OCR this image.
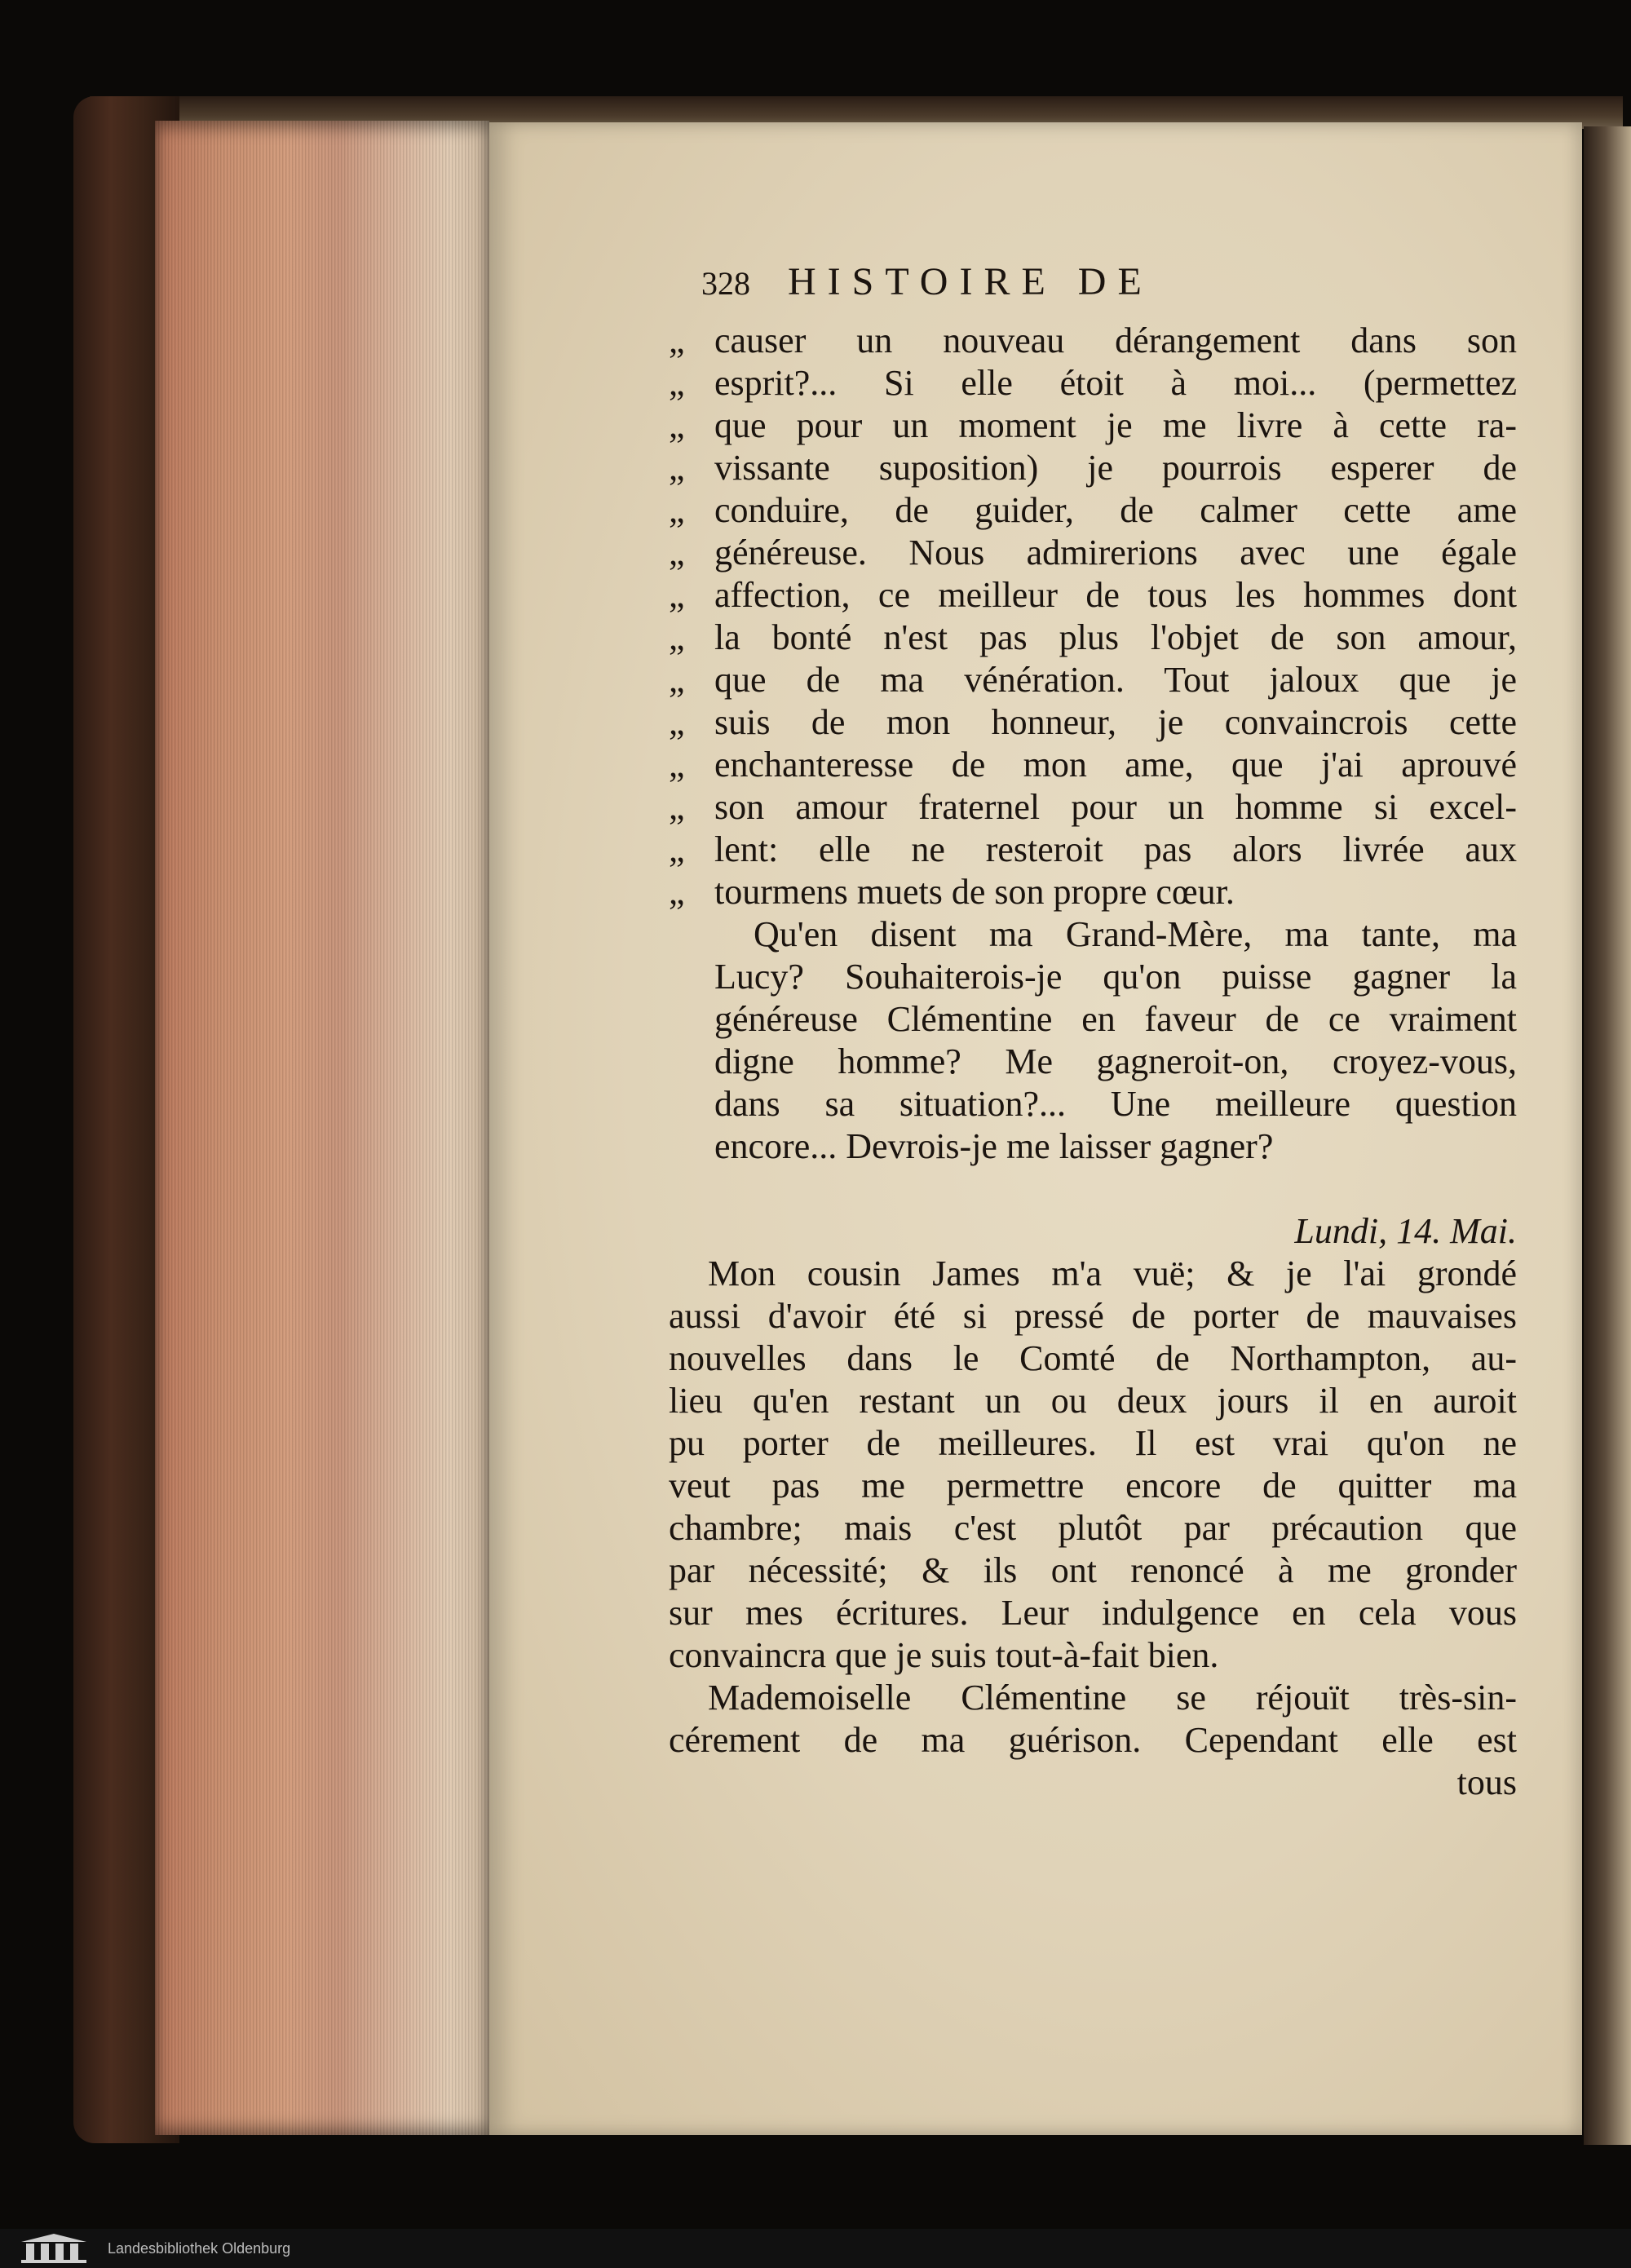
328 HISTOIRE DE
„ causer un nouveau dérangement dans son
„ esprit?... Si elle étoit à moi... (permettez
„ que pour un moment je me livre à cette ra-
„ vissante suposition) je pourrois esperer de
„ conduire, de guider, de calmer cette ame
„ généreuse. Nous admirerions avec une égale
„ affection, ce meilleur de tous les hommes dont
„ la bonté n'est pas plus l'objet de son amour,
„ que de ma vénération. Tout jaloux que je
„ suis de mon honneur, je convaincrois cette
„ enchanteresse de mon ame, que j'ai aprouvé
„ son amour fraternel pour un homme si excel-
„ lent: elle ne resteroit pas alors livrée aux
„ tourmens muets de son propre cœur.
Qu'en disent ma Grand-Mère, ma tante, ma
Lucy? Souhaiterois-je qu'on puisse gagner la
généreuse Clémentine en faveur de ce vraiment
digne homme? Me gagneroit-on, croyez-vous,
dans sa situation?... Une meilleure question
encore... Devrois-je me laisser gagner?
Lundi, 14. Mai.
Mon cousin James m'a vuë; & je l'ai grondé
aussi d'avoir été si pressé de porter de mauvaises
nouvelles dans le Comté de Northampton, au-
lieu qu'en restant un ou deux jours il en auroit
pu porter de meilleures. Il est vrai qu'on ne
veut pas me permettre encore de quitter ma
chambre; mais c'est plutôt par précaution que
par nécessité; & ils ont renoncé à me gronder
sur mes écritures. Leur indulgence en cela vous
convaincra que je suis tout-à-fait bien.
Mademoiselle Clémentine se réjouït très-sin-
cérement de ma guérison. Cependant elle est
tous
Landesbibliothek Oldenburg
